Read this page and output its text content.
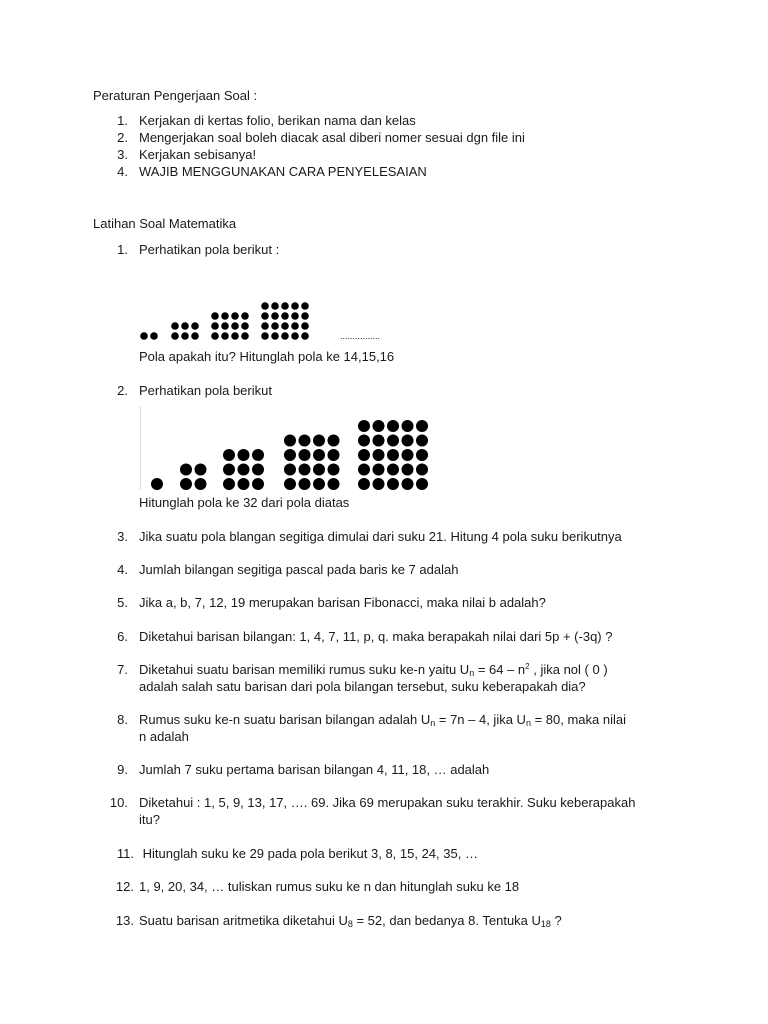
Peraturan Pengerjaan Soal :
1. Kerjakan di kertas folio, berikan nama dan kelas
2. Mengerjakan soal boleh diacak asal diberi nomer sesuai dgn file ini
3. Kerjakan sebisanya!
4. WAJIB MENGGUNAKAN CARA PENYELESAIAN
Latihan Soal Matematika
1. Perhatikan pola berikut :
................
Pola apakah itu? Hitunglah pola ke 14,15,16
2. Perhatikan pola berikut
Hitunglah pola ke 32 dari pola diatas
3. Jika suatu pola blangan segitiga dimulai dari suku 21. Hitung 4 pola suku berikutnya
4. Jumlah bilangan segitiga pascal pada baris ke 7 adalah
5. Jika a, b, 7, 12, 19 merupakan barisan Fibonacci, maka nilai b adalah?
6. Diketahui barisan bilangan: 1, 4, 7, 11, p, q. maka berapakah nilai dari 5p + (-3q) ?
7. Diketahui suatu barisan memiliki rumus suku ke-n yaitu $U_n = 64 - n^2$ , jika nol ( 0 )
adalah salah satu barisan dari pola bilangan tersebut, suku keberapakah dia?
8. Rumus suku ke-n suatu barisan bilangan adalah $U_n = 7n - 4$, jika $U_n = 80$, maka nilai
n adalah
9. Jumlah 7 suku pertama barisan bilangan 4, 11, 18, … adalah
10. Diketahui : 1, 5, 9, 13, 17, …. 69. Jika 69 merupakan suku terakhir. Suku keberapakah
itu?
11. Hitunglah suku ke 29 pada pola berikut 3, 8, 15, 24, 35, …
12. 1, 9, 20, 34, … tuliskan rumus suku ke n dan hitunglah suku ke 18
13. Suatu barisan aritmetika diketahui $U_8 = 52$, dan bedanya 8. Tentuka $U_{18}$ ?
